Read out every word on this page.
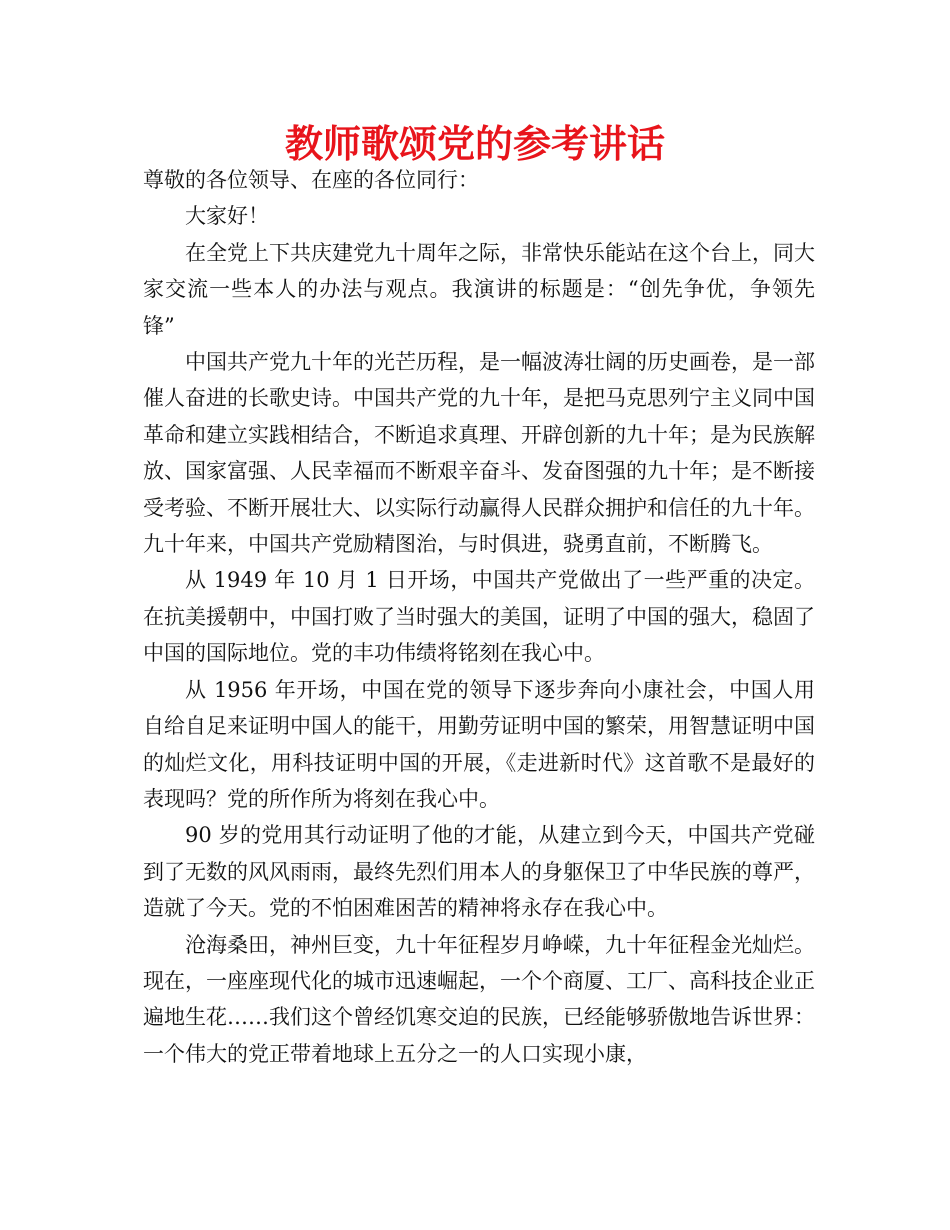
教师歌颂党的参考讲话

尊敬的各位领导、在座的各位同行：

大家好！

在全党上下共庆建党九十周年之际，非常快乐能站在这个台上，同大家交流一些本人的办法与观点。我演讲的标题是：“创先争优，争领先锋”

中国共产党九十年的光芒历程，是一幅波涛壮阔的历史画卷，是一部催人奋进的长歌史诗。中国共产党的九十年，是把马克思列宁主义同中国革命和建立实践相结合，不断追求真理、开辟创新的九十年；是为民族解放、国家富强、人民幸福而不断艰辛奋斗、发奋图强的九十年；是不断接受考验、不断开展壮大、以实际行动赢得人民群众拥护和信任的九十年。九十年来，中国共产党励精图治，与时俱进，骁勇直前，不断腾飞。

从 1949 年 10 月 1 日开场，中国共产党做出了一些严重的决定。在抗美援朝中，中国打败了当时强大的美国，证明了中国的强大，稳固了中国的国际地位。党的丰功伟绩将铭刻在我心中。

从 1956 年开场，中国在党的领导下逐步奔向小康社会，中国人用自给自足来证明中国人的能干，用勤劳证明中国的繁荣，用智慧证明中国的灿烂文化，用科技证明中国的开展，《走进新时代》这首歌不是最好的表现吗？党的所作所为将刻在我心中。

90 岁的党用其行动证明了他的才能，从建立到今天，中国共产党碰到了无数的风风雨雨，最终先烈们用本人的身躯保卫了中华民族的尊严，造就了今天。党的不怕困难困苦的精神将永存在我心中。

沧海桑田，神州巨变，九十年征程岁月峥嵘，九十年征程金光灿烂。现在，一座座现代化的城市迅速崛起，一个个商厦、工厂、高科技企业正遍地生花……我们这个曾经饥寒交迫的民族，已经能够骄傲地告诉世界：一个伟大的党正带着地球上五分之一的人口实现小康，
